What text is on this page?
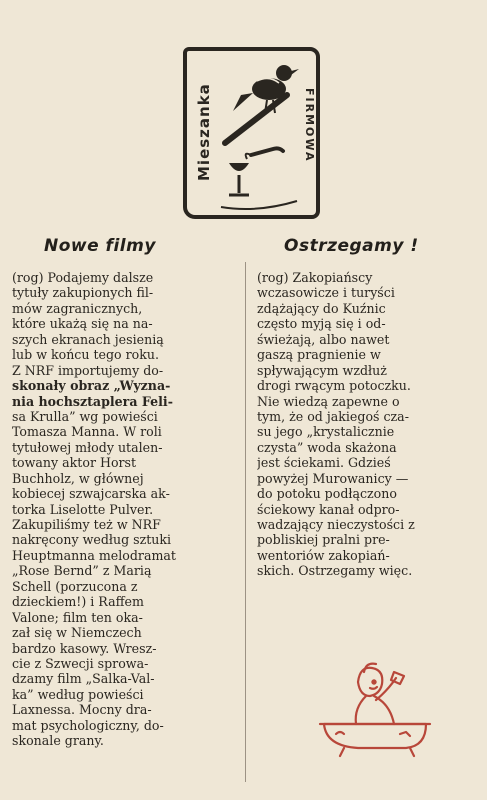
Mieszanka	FIRMOWA
Nowe filmy	Ostrzegamy !
(rog) Podajemy dalsze
tytuły zakupionych fil-
mów zagranicznych,
które ukażą się na na-
szych ekranach jesienią
lub w końcu tego roku.
Z NRF importujemy do-
skonały obraz „Wyzna-
nia hochsztaplera Feli-
sa Krulla” wg powieści
Tomasza Manna. W roli
tytułowej młody utalen-
towany aktor Horst
Buchholz, w głównej
kobiecej szwajcarska ak-
torka Liselotte Pulver.
Zakupiliśmy też w NRF
nakręcony według sztuki
Heuptmanna melodramat
„Rose Bernd” z Marią
Schell (porzucona z
dzieckiem!) i Raffem
Valone; film ten oka-
zał się w Niemczech
bardzo kasowy. Wresz-
cie z Szwecji sprowa-
dzamy film „Salka-Val-
ka” według powieści
Laxnessa. Mocny dra-
mat psychologiczny, do-
skonale grany.
(rog) Zakopiańscy
wczasowicze i turyści
zdążający do Kuźnic
często myją się i od-
świeżają, albo nawet
gaszą pragnienie w
spływającym wzdłuż
drogi rwącym potoczku.
Nie wiedzą zapewne o
tym, że od jakiegoś cza-
su jego „krystalicznie
czysta” woda skażona
jest ściekami. Gdzieś
powyżej Murowanicy —
do potoku podłączono
ściekowy kanał odpro-
wadzający nieczystości z
pobliskiej pralni pre-
wentoriów zakopiań-
skich. Ostrzegamy więc.
